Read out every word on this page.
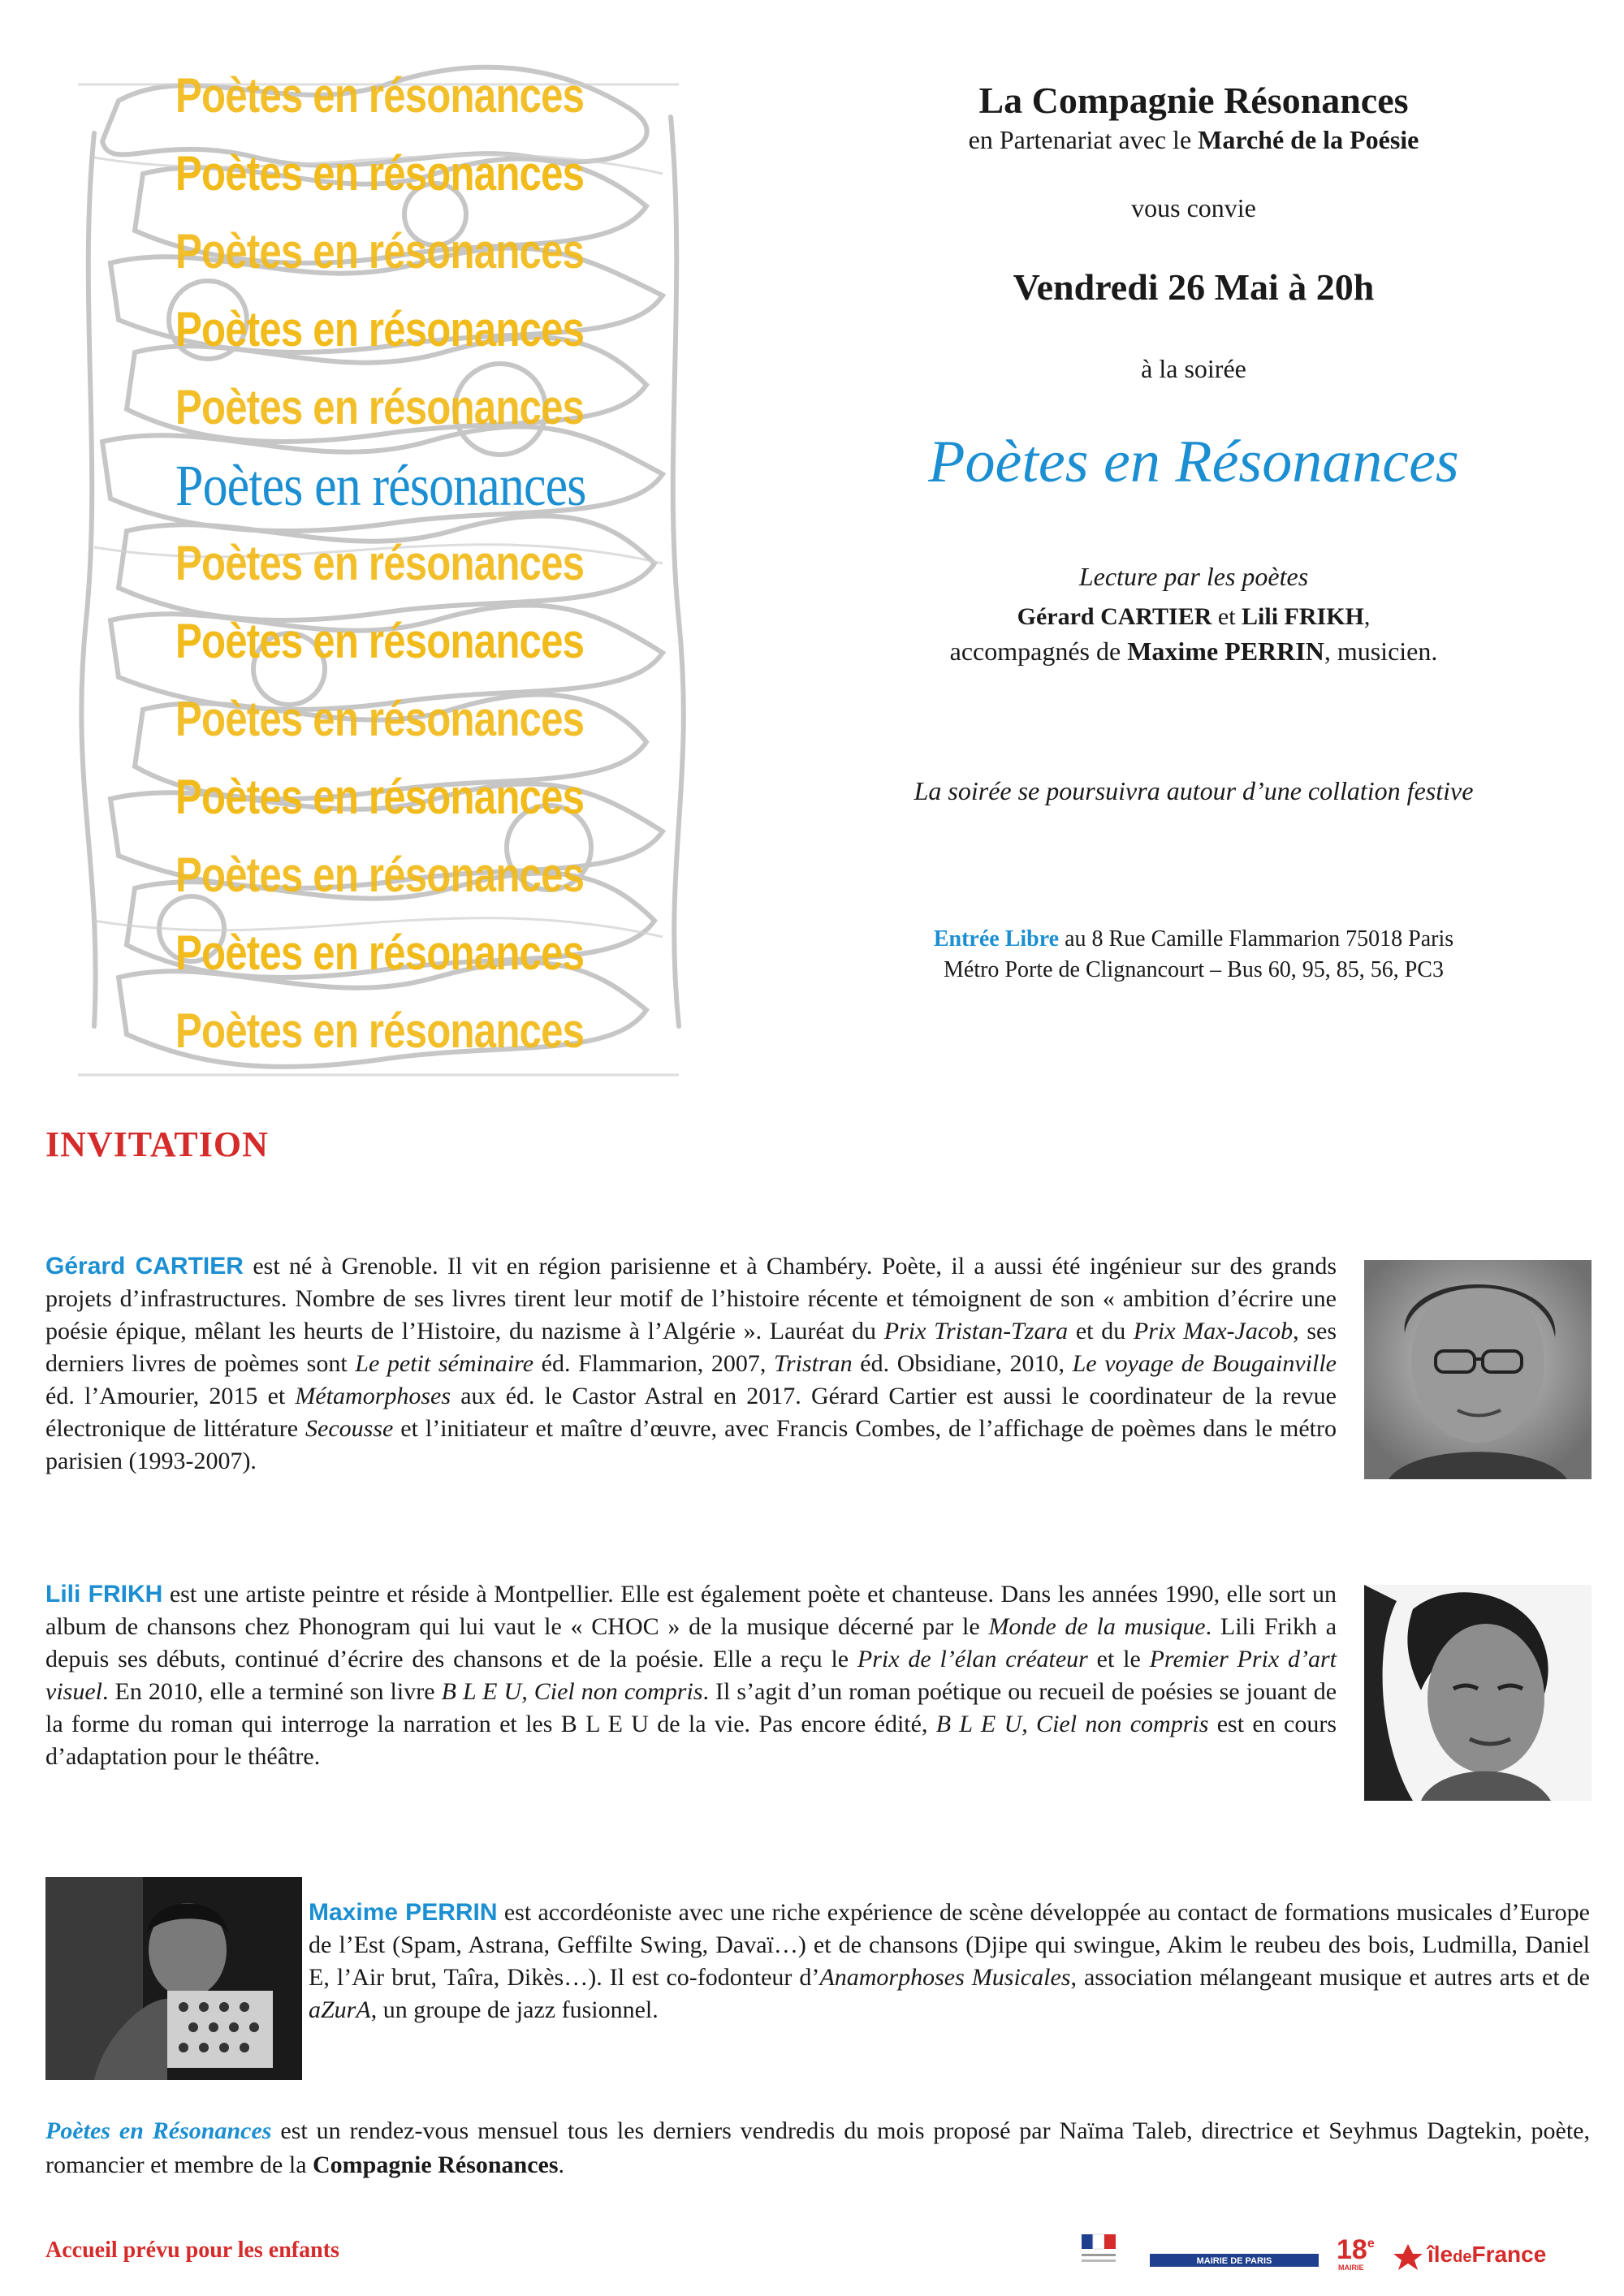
Poètes en résonances
Poètes en résonances
Poètes en résonances
Poètes en résonances
Poètes en résonances
Poètes en résonances
Poètes en résonances
Poètes en résonances
Poètes en résonances
Poètes en résonances
Poètes en résonances
Poètes en résonances
Poètes en résonances
La Compagnie Résonances
en Partenariat avec le Marché de la Poésie
vous convie
Vendredi 26 Mai à 20h
à la soirée
Poètes en Résonances
Lecture par les poètes
Gérard CARTIER et Lili FRIKH,
accompagnés de Maxime PERRIN, musicien.
La soirée se poursuivra autour d’une collation festive
Entrée Libre au 8 Rue Camille Flammarion 75018 Paris
Métro Porte de Clignancourt – Bus 60, 95, 85, 56, PC3
INVITATION
Gérard CARTIER est né à Grenoble. Il vit en région parisienne et à Chambéry. Poète, il a aussi été ingénieur sur des grands projets d’infrastructures. Nombre de ses livres tirent leur motif de l’histoire récente et témoignent de son « ambition d’écrire une poésie épique, mêlant les heurts de l’Histoire, du nazisme à l’Algérie ». Lauréat du Prix Tristan-Tzara et du Prix Max-Jacob, ses derniers livres de poèmes sont Le petit séminaire éd. Flammarion, 2007, Tristran éd. Obsidiane, 2010, Le voyage de Bougainville éd. l’Amourier, 2015 et Métamorphoses aux éd. le Castor Astral en 2017. Gérard Cartier est aussi le coordinateur de la revue électronique de littérature Secousse et l’initiateur et maître d’œuvre, avec Francis Combes, de l’affichage de poèmes dans le métro parisien (1993-2007).
Lili FRIKH est une artiste peintre et réside à Montpellier. Elle est également poète et chanteuse. Dans les années 1990, elle sort un album de chansons chez Phonogram qui lui vaut le « CHOC » de la musique décerné par le Monde de la musique. Lili Frikh a depuis ses débuts, continué d’écrire des chansons et de la poésie. Elle a reçu le Prix de l’élan créateur et le Premier Prix d’art visuel. En 2010, elle a terminé son livre B L E U, Ciel non compris. Il s’agit d’un roman poétique ou recueil de poésies se jouant de la forme du roman qui interroge la narration et les B L E U de la vie. Pas encore édité, B L E U, Ciel non compris est en cours d’adaptation pour le théâtre.
Maxime PERRIN est accordéoniste avec une riche expérience de scène développée au contact de formations musicales d’Europe de l’Est (Spam, Astrana, Geffilte Swing, Davaï…) et de chansons (Djipe qui swingue, Akim le reubeu des bois, Ludmilla, Daniel E, l’Air brut, Taîra, Dikès…). Il est co-fodonteur d’Anamorphoses Musicales, association mélangeant musique et autres arts et de aZurA, un groupe de jazz fusionnel.
Poètes en Résonances est un rendez-vous mensuel tous les derniers vendredis du mois proposé par Naïma Taleb, directrice et Seyhmus Dagtekin, poète, romancier et membre de la Compagnie Résonances.
Accueil prévu pour les enfants	MAIRIE DE PARIS 18e
MAIRIE
îledeFrance
